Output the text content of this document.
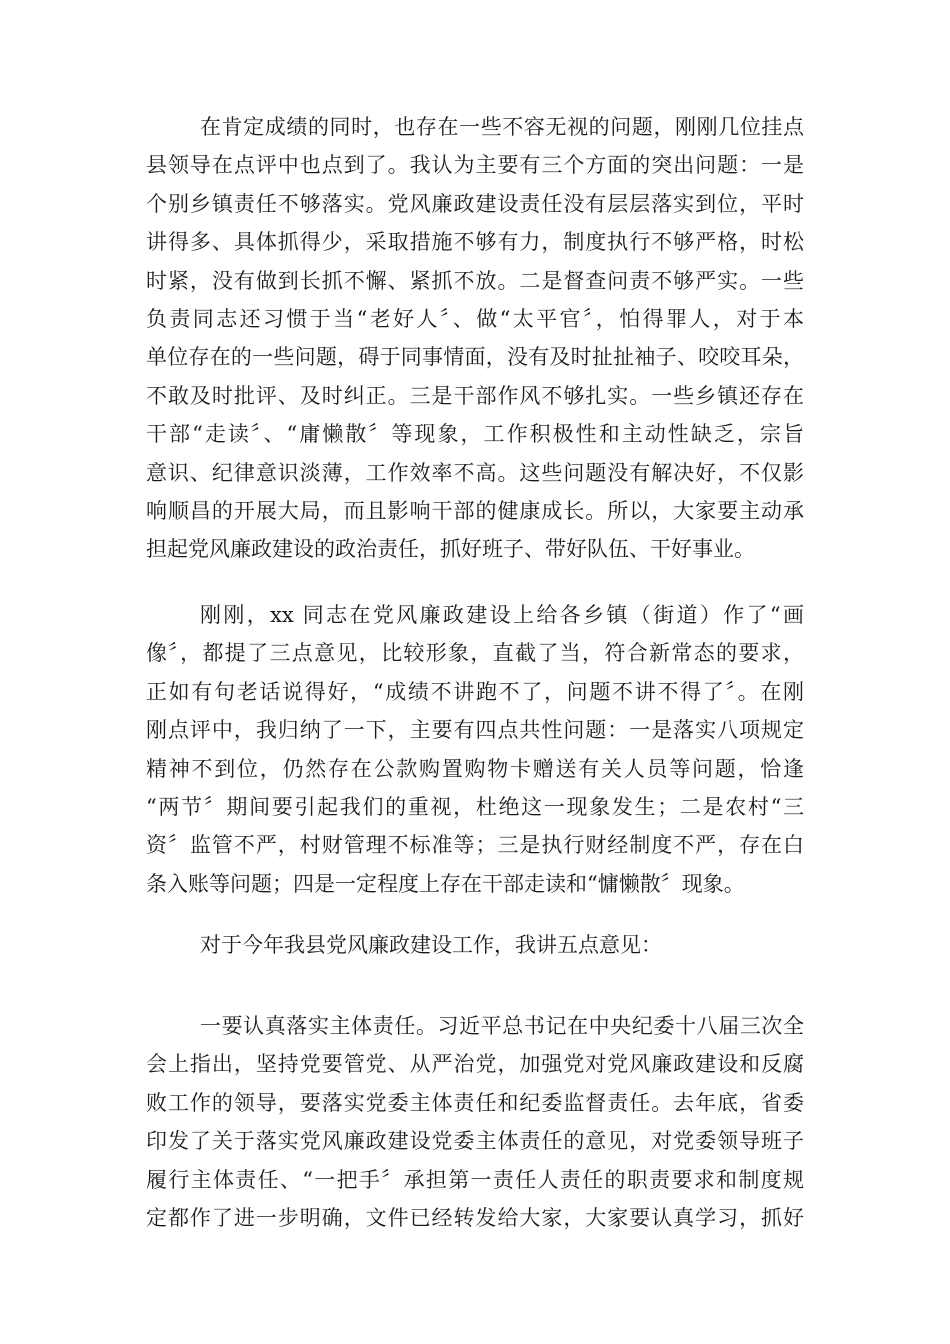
在肯定成绩的同时，也存在一些不容无视的问题，刚刚几位挂点
县领导在点评中也点到了。我认为主要有三个方面的突出问题：一是
个别乡镇责任不够落实。党风廉政建设责任没有层层落实到位，平时
讲得多、具体抓得少，采取措施不够有力，制度执行不够严格，时松
时紧，没有做到长抓不懈、紧抓不放。二是督查问责不够严实。一些
负责同志还习惯于当“老好人〞、做“太平官〞，怕得罪人，对于本
单位存在的一些问题，碍于同事情面，没有及时扯扯袖子、咬咬耳朵，
不敢及时批评、及时纠正。三是干部作风不够扎实。一些乡镇还存在
干部“走读〞、“庸懒散〞等现象，工作积极性和主动性缺乏，宗旨
意识、纪律意识淡薄，工作效率不高。这些问题没有解决好，不仅影
响顺昌的开展大局，而且影响干部的健康成长。所以，大家要主动承
担起党风廉政建设的政治责任，抓好班子、带好队伍、干好事业。
刚刚，xx 同志在党风廉政建设上给各乡镇（街道）作了“画
像〞，都提了三点意见，比较形象，直截了当，符合新常态的要求，
正如有句老话说得好，“成绩不讲跑不了，问题不讲不得了〞。在刚
刚点评中，我归纳了一下，主要有四点共性问题：一是落实八项规定
精神不到位，仍然存在公款购置购物卡赠送有关人员等问题，恰逢
“两节〞期间要引起我们的重视，杜绝这一现象发生；二是农村“三
资〞监管不严，村财管理不标准等；三是执行财经制度不严，存在白
条入账等问题；四是一定程度上存在干部走读和“慵懒散〞现象。
对于今年我县党风廉政建设工作，我讲五点意见：
一要认真落实主体责任。习近平总书记在中央纪委十八届三次全
会上指出，坚持党要管党、从严治党，加强党对党风廉政建设和反腐
败工作的领导，要落实党委主体责任和纪委监督责任。去年底，省委
印发了关于落实党风廉政建设党委主体责任的意见，对党委领导班子
履行主体责任、“一把手〞承担第一责任人责任的职责要求和制度规
定都作了进一步明确，文件已经转发给大家，大家要认真学习，抓好
